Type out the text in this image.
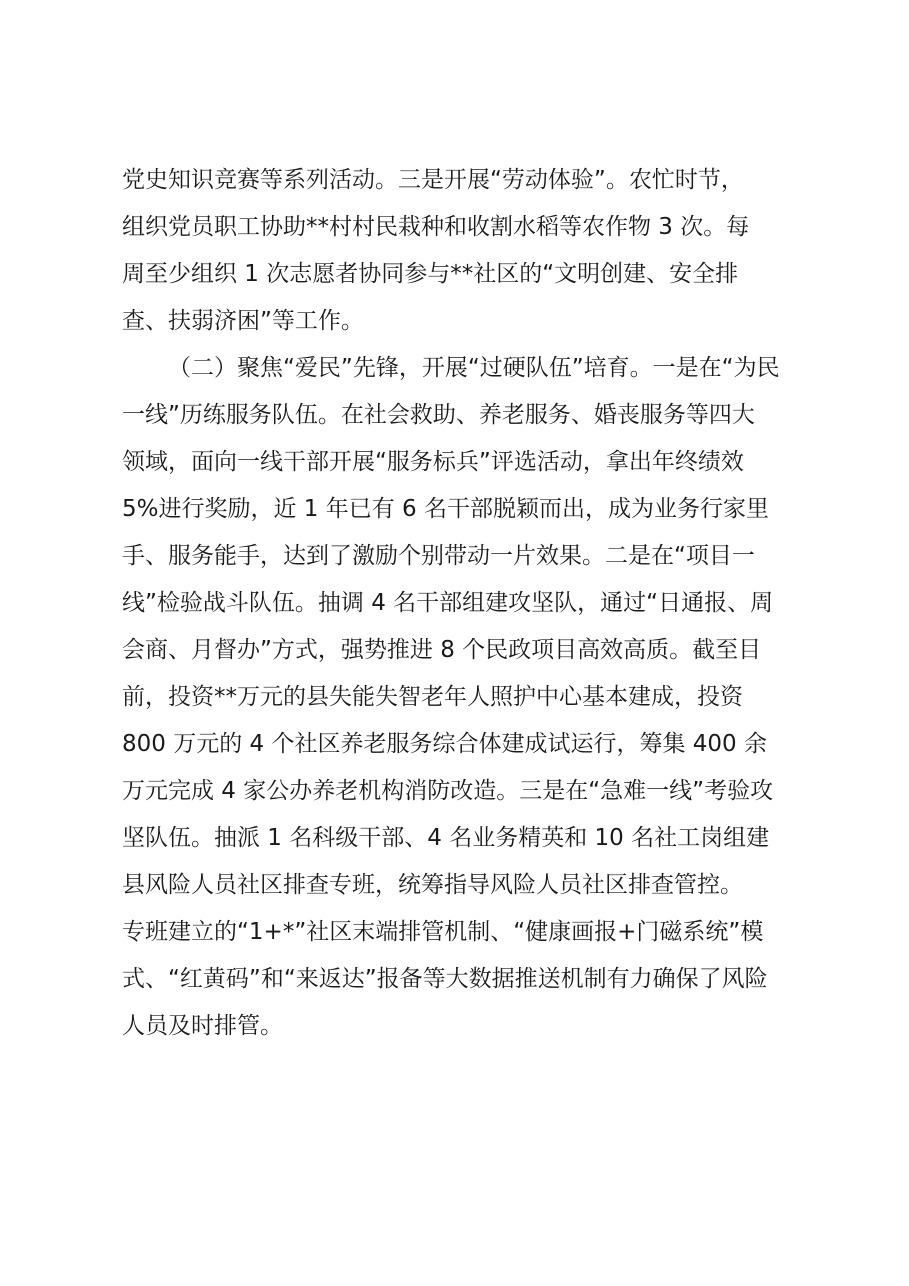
党史知识竞赛等系列活动。三是开展“劳动体验”。农忙时节，
组织党员职工协助**村村民栽种和收割水稻等农作物 3 次。每
周至少组织 1 次志愿者协同参与**社区的“文明创建、安全排
查、扶弱济困”等工作。
（二）聚焦“爱民”先锋，开展“过硬队伍”培育。一是在“为民
一线”历练服务队伍。在社会救助、养老服务、婚丧服务等四大
领域，面向一线干部开展“服务标兵”评选活动，拿出年终绩效
5%进行奖励，近 1 年已有 6 名干部脱颖而出，成为业务行家里
手、服务能手，达到了激励个别带动一片效果。二是在“项目一
线”检验战斗队伍。抽调 4 名干部组建攻坚队，通过“日通报、周
会商、月督办”方式，强势推进 8 个民政项目高效高质。截至目
前，投资**万元的县失能失智老年人照护中心基本建成，投资
800 万元的 4 个社区养老服务综合体建成试运行，筹集 400 余
万元完成 4 家公办养老机构消防改造。三是在“急难一线”考验攻
坚队伍。抽派 1 名科级干部、4 名业务精英和 10 名社工岗组建
县风险人员社区排查专班，统筹指导风险人员社区排查管控。
专班建立的“1+*”社区末端排管机制、“健康画报+门磁系统”模
式、“红黄码”和“来返达”报备等大数据推送机制有力确保了风险
人员及时排管。
